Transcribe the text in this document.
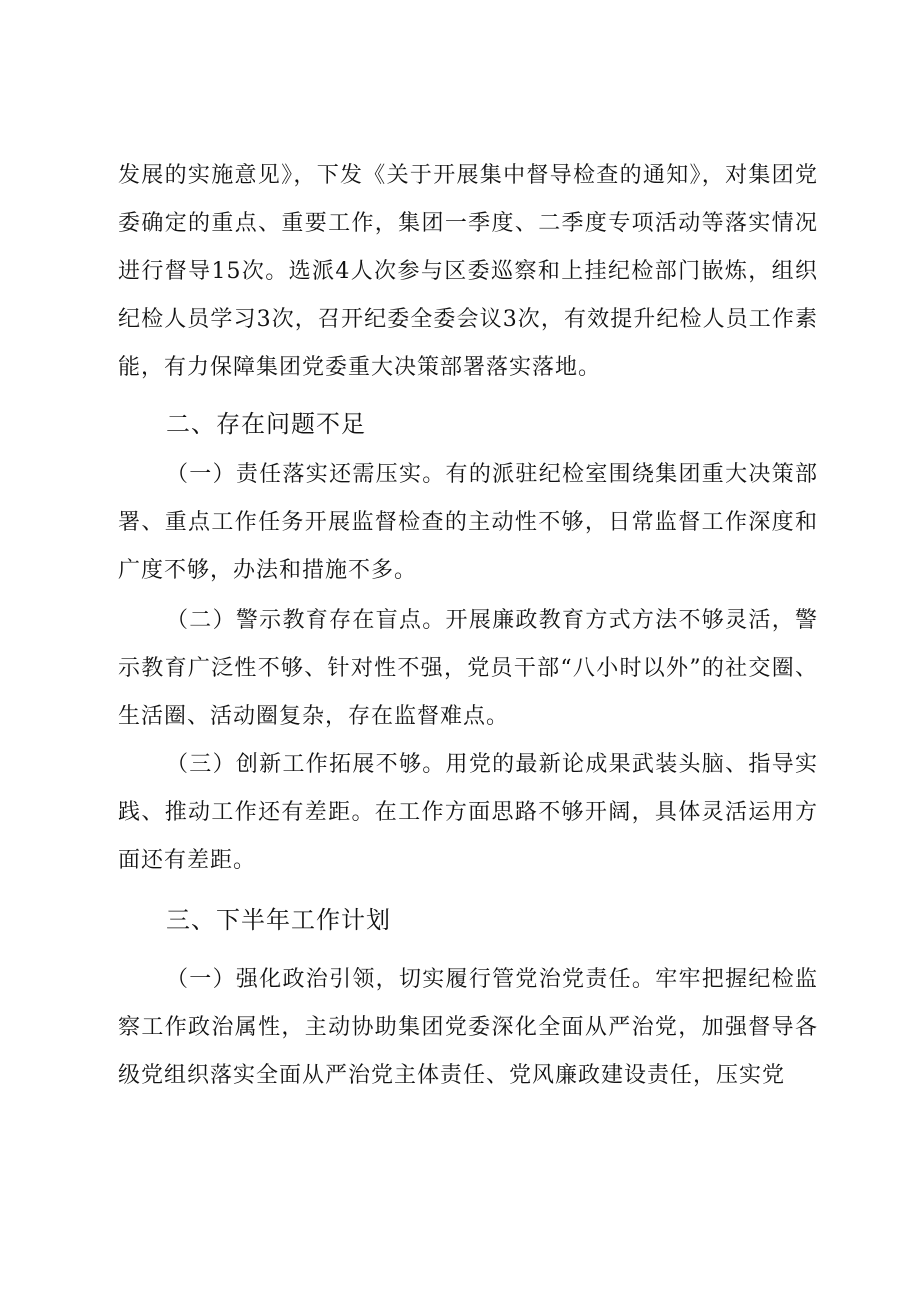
发展的实施意见》，下发《关于开展集中督导检查的通知》，对集团党委确定的重点、重要工作，集团一季度、二季度专项活动等落实情况进行督导15次。选派4人次参与区委巡察和上挂纪检部门嵌炼，组织纪检人员学习3次，召开纪委全委会议3次，有效提升纪检人员工作素能，有力保障集团党委重大决策部署落实落地。
二、存在问题不足
（一）责任落实还需压实。有的派驻纪检室围绕集团重大决策部署、重点工作任务开展监督检查的主动性不够，日常监督工作深度和广度不够，办法和措施不多。
（二）警示教育存在盲点。开展廉政教育方式方法不够灵活，警示教育广泛性不够、针对性不强，党员干部“八小时以外”的社交圈、生活圈、活动圈复杂，存在监督难点。
（三）创新工作拓展不够。用党的最新论成果武装头脑、指导实践、推动工作还有差距。在工作方面思路不够开阔，具体灵活运用方面还有差距。
三、下半年工作计划
（一）强化政治引领，切实履行管党治党责任。牢牢把握纪检监察工作政治属性，主动协助集团党委深化全面从严治党，加强督导各级党组织落实全面从严治党主体责任、党风廉政建设责任，压实党
